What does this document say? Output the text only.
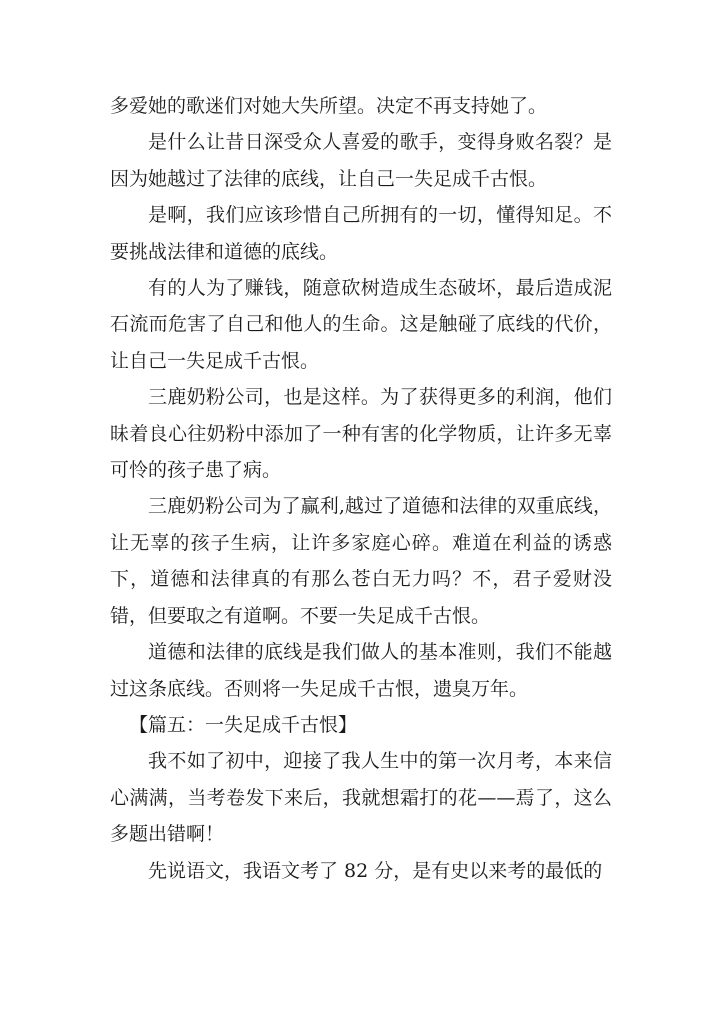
多爱她的歌迷们对她大失所望。决定不再支持她了。

是什么让昔日深受众人喜爱的歌手，变得身败名裂？是因为她越过了法律的底线，让自己一失足成千古恨。

是啊，我们应该珍惜自己所拥有的一切，懂得知足。不要挑战法律和道德的底线。

有的人为了赚钱，随意砍树造成生态破坏，最后造成泥石流而危害了自己和他人的生命。这是触碰了底线的代价，让自己一失足成千古恨。

三鹿奶粉公司，也是这样。为了获得更多的利润，他们昧着良心往奶粉中添加了一种有害的化学物质，让许多无辜可怜的孩子患了病。

三鹿奶粉公司为了赢利,越过了道德和法律的双重底线，让无辜的孩子生病，让许多家庭心碎。难道在利益的诱惑下，道德和法律真的有那么苍白无力吗？不，君子爱财没错，但要取之有道啊。不要一失足成千古恨。

道德和法律的底线是我们做人的基本准则，我们不能越过这条底线。否则将一失足成千古恨，遗臭万年。

【篇五：一失足成千古恨】

我不如了初中，迎接了我人生中的第一次月考，本来信心满满，当考卷发下来后，我就想霜打的花——焉了，这么多题出错啊！

先说语文，我语文考了 82 分，是有史以来考的最低的
